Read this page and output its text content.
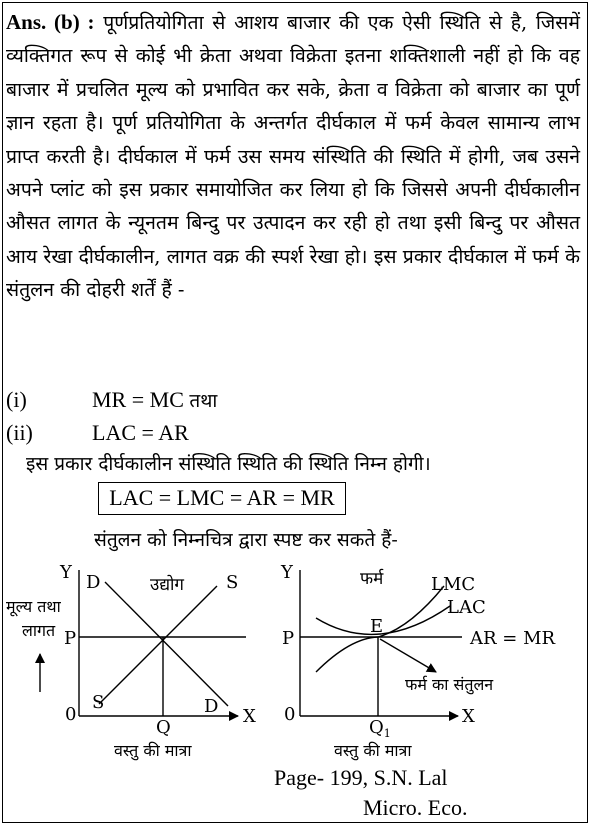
Ans. (b) : पूर्णप्रतियोगिता से आशय बाजार की एक ऐसी स्थिति से है, जिसमें व्यक्तिगत रूप से कोई भी क्रेता अथवा विक्रेता इतना शक्तिशाली नहीं हो कि वह बाजार में प्रचलित मूल्य को प्रभावित कर सके, क्रेता व विक्रेता को बाजार का पूर्ण ज्ञान रहता है। पूर्ण प्रतियोगिता के अन्तर्गत दीर्घकाल में फर्म केवल सामान्य लाभ प्राप्त करती है। दीर्घकाल में फर्म उस समय संस्थिति की स्थिति में होगी, जब उसने अपने प्लांट को इस प्रकार समायोजित कर लिया हो कि जिससे अपनी दीर्घकालीन औसत लागत के न्यूनतम बिन्दु पर उत्पादन कर रही हो तथा इसी बिन्दु पर औसत आय रेखा दीर्घकालीन, लागत वक्र की स्पर्श रेखा हो। इस प्रकार दीर्घकाल में फर्म के संतुलन की दोहरी शर्तें हैं -
(i)	MR = MC तथा
(ii)	LAC = AR
इस प्रकार दीर्घकालीन संस्थिति स्थिति की स्थिति निम्न होगी।
LAC = LMC = AR = MR
संतुलन को निम्नचित्र द्वारा स्पष्ट कर सकते हैं-
Y
X
0
P
Q
D	S
S	D
उद्योग
मूल्य तथा
लागत
वस्तु की मात्रा
Y
X
0
P
E
AR = MR
LMC
LAC
फर्म
फर्म का संतुलन
$Q_1$
वस्तु की मात्रा
Page- 199, S.N. Lal
Micro. Eco.
